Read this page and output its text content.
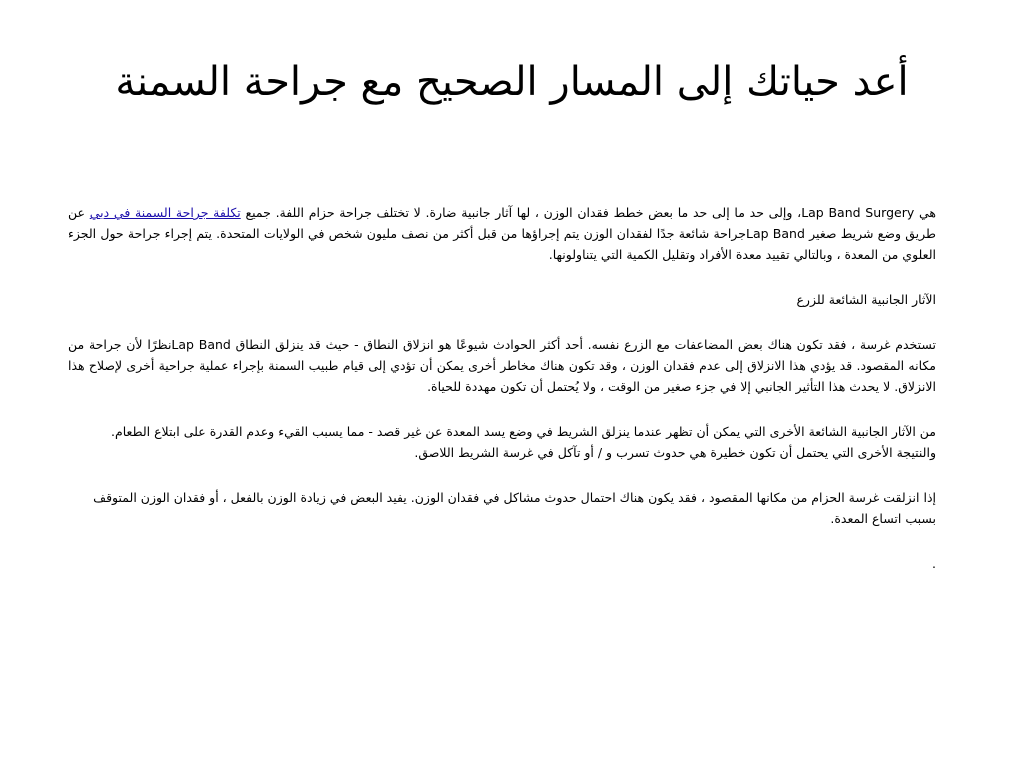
أعد حياتك إلى المسار الصحيح مع جراحة السمنة

هي Lap Band Surgery، وإلى حد ما إلى حد ما بعض خطط فقدان الوزن ، لها آثار جانبية ضارة. لا تختلف جراحة حزام اللفة. جميع تكلفة جراحة السمنة في دبي عن طريق وضع شريط صغير Lap Bandجراحة شائعة جدًا لفقدان الوزن يتم إجراؤها من قبل أكثر من نصف مليون شخص في الولايات المتحدة. يتم إجراء جراحة حول الجزء العلوي من المعدة ، وبالتالي تقييد معدة الأفراد وتقليل الكمية التي يتناولونها.

الآثار الجانبية الشائعة للزرع

تستخدم غرسة ، فقد تكون هناك بعض المضاعفات مع الزرع نفسه. أحد أكثر الحوادث شيوعًا هو انزلاق النطاق - حيث قد ينزلق النطاق Lap Bandنظرًا لأن جراحة من مكانه المقصود. قد يؤدي هذا الانزلاق إلى عدم فقدان الوزن ، وقد تكون هناك مخاطر أخرى يمكن أن تؤدي إلى قيام طبيب السمنة بإجراء عملية جراحية أخرى لإصلاح هذا الانزلاق. لا يحدث هذا التأثير الجانبي إلا في جزء صغير من الوقت ، ولا يُحتمل أن تكون مهددة للحياة.

من الآثار الجانبية الشائعة الأخرى التي يمكن أن تظهر عندما ينزلق الشريط في وضع يسد المعدة عن غير قصد - مما يسبب القيء وعدم القدرة على ابتلاع الطعام. والنتيجة الأخرى التي يحتمل أن تكون خطيرة هي حدوث تسرب و / أو تآكل في غرسة الشريط اللاصق.

إذا انزلقت غرسة الحزام من مكانها المقصود ، فقد يكون هناك احتمال حدوث مشاكل في فقدان الوزن. يفيد البعض في زيادة الوزن بالفعل ، أو فقدان الوزن المتوقف بسبب اتساع المعدة.

.
